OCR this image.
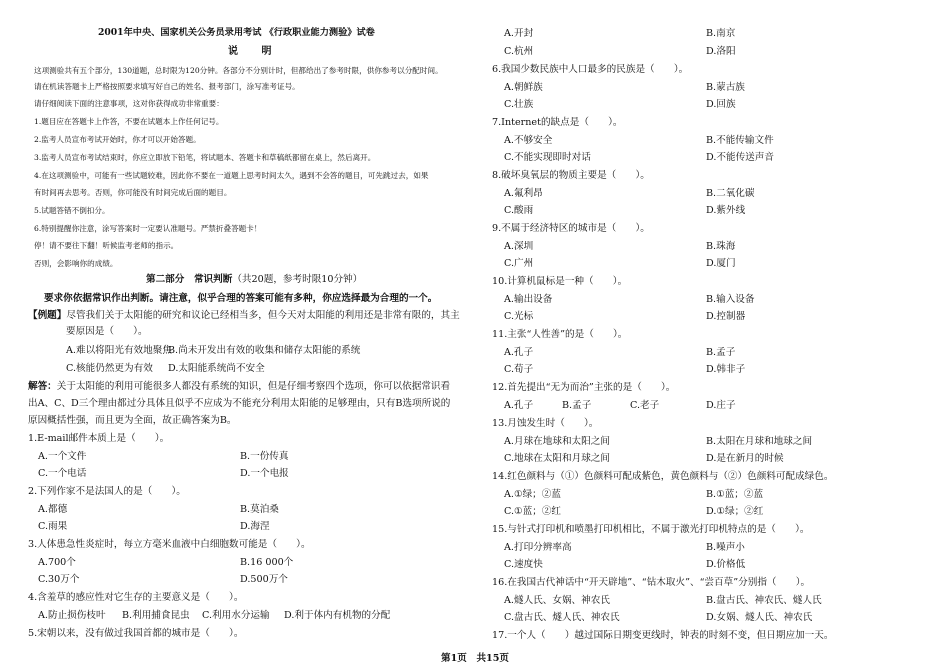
2001年中央、国家机关公务员录用考试 《行政职业能力测验》试卷
说 明
这项测验共有五个部分，130道题，总时限为120分钟。各部分不分别计时，但都给出了参考时限，供你参考以分配时间。
请在机读答题卡上严格按照要求填写好自己的姓名、报考部门，涂写准考证号。
请仔细阅读下面的注意事项，这对你获得成功非常重要：
1.题目应在答题卡上作答，不要在试题本上作任何记号。
2.监考人员宣布考试开始时，你才可以开始答题。
3.监考人员宣布考试结束时，你应立即放下铅笔，将试题本、答题卡和草稿纸都留在桌上，然后离开。
4.在这项测验中，可能有一些试题较难，因此你不要在一道题上思考时间太久，遇到不会答的题目，可先跳过去，如果
有时间再去思考。否则，你可能没有时间完成后面的题目。
5.试题答错不倒扣分。
6.特别提醒你注意，涂写答案时一定要认准题号。严禁折叠答题卡！
停！请不要往下翻！听候监考老师的指示。
否则，会影响你的成绩。
第二部分　常识判断（共20题，参考时限10分钟）
要求你依据常识作出判断。请注意，似乎合理的答案可能有多种，你应选择最为合理的一个。
【例题】尽管我们关于太阳能的研究和议论已经相当多，但今天对太阳能的利用还是非常有限的，其主
要原因是（　　）。
A.难以将阳光有效地聚焦
B.尚未开发出有效的收集和储存太阳能的系统
C.核能仍然更为有效 D.太阳能系统尚不安全
解答：关于太阳能的利用可能很多人都没有系统的知识，但是仔细考察四个选项，你可以依据常识看
出A、C、D三个理由都过分具体且似乎不应成为不能充分利用太阳能的足够理由，只有B选项所说的
原因概括性强，而且更为全面，故正确答案为B。
1.E-mail邮件本质上是（　　）。
A.一个文件	B.一份传真
C.一个电话	D.一个电报
2.下列作家不是法国人的是（　　）。
A.都德	B.莫泊桑
C.雨果	D.海涅
3.人体患急性炎症时，每立方毫米血液中白细胞数可能是（　　）。
A.700个	B.16 000个
C.30万个	D.500万个
4.含羞草的感应性对它生存的主要意义是（　　）。
A.防止损伤枝叶 B.利用捕食昆虫 C.利用水分运输 D.利于体内有机物的分配
5.宋朝以来，没有做过我国首都的城市是（　　）。
A.开封	B.南京
C.杭州	D.洛阳
6.我国少数民族中人口最多的民族是（　　）。
A.朝鲜族	B.蒙古族
C.壮族	D.回族
7.Internet的缺点是（　　）。
A.不够安全	B.不能传输文件
C.不能实现即时对话	D.不能传送声音
8.破坏臭氧层的物质主要是（　　）。
A.氟利昂	B.二氧化碳
C.酸雨	D.紫外线
9.不属于经济特区的城市是（　　）。
A.深圳	B.珠海
C.广州	D.厦门
10.计算机鼠标是一种（　　）。
A.输出设备	B.输入设备
C.光标	D.控制器
11.主张“人性善”的是（　　）。
A.孔子	B.孟子
C.荀子	D.韩非子
12.首先提出“无为而治”主张的是（　　）。
A.孔子	B.孟子	C.老子	D.庄子
13.月蚀发生时（　　）。
A.月球在地球和太阳之间	B.太阳在月球和地球之间
C.地球在太阳和月球之间	D.是在新月的时候
14.红色颜料与（①）色颜料可配成紫色，黄色颜料与（②）色颜料可配成绿色。
A.①绿；②蓝	B.①蓝；②蓝
C.①蓝；②红	D.①绿；②红
15.与针式打印机和喷墨打印机相比，不属于激光打印机特点的是（　　）。
A.打印分辨率高	B.噪声小
C.速度快	D.价格低
16.在我国古代神话中“开天辟地”、“钻木取火”、“尝百草”分别指（　　）。
A.燧人氏、女娲、神农氏	B.盘古氏、神农氏、燧人氏
C.盘古氏、燧人氏、神农氏	D.女娲、燧人氏、神农氏
17.一个人（　　）越过国际日期变更线时，钟表的时刻不变，但日期应加一天。
第1页　共15页
